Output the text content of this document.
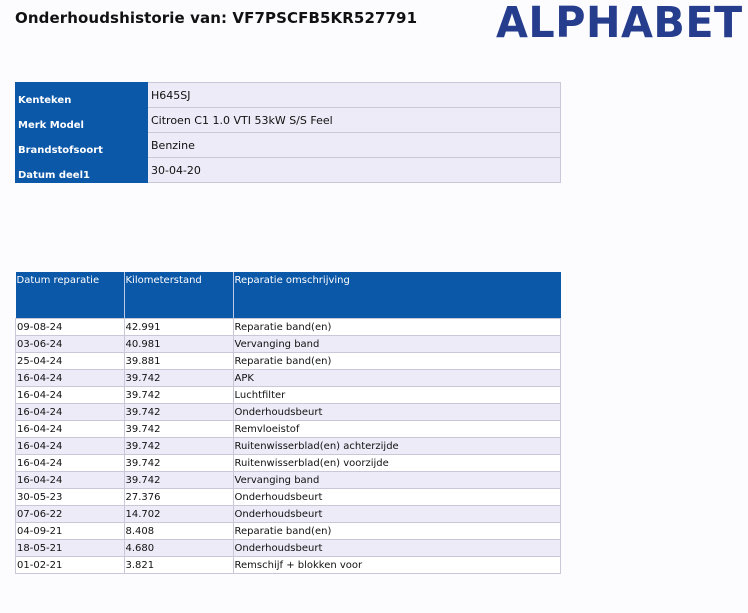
Onderhoudshistorie van: VF7PSCFB5KR527791 ALPHABET
Kenteken	H645SJ
Merk Model	Citroen C1 1.0 VTI 53kW S/S Feel
Brandstofsoort	Benzine
Datum deel1	30-04-20
Datum reparatie	Kilometerstand	Reparatie omschrijving
09-08-24	42.991	Reparatie band(en)
03-06-24	40.981	Vervanging band
25-04-24	39.881	Reparatie band(en)
16-04-24	39.742	APK
16-04-24	39.742	Luchtfilter
16-04-24	39.742	Onderhoudsbeurt
16-04-24	39.742	Remvloeistof
16-04-24	39.742	Ruitenwisserblad(en) achterzijde
16-04-24	39.742	Ruitenwisserblad(en) voorzijde
16-04-24	39.742	Vervanging band
30-05-23	27.376	Onderhoudsbeurt
07-06-22	14.702	Onderhoudsbeurt
04-09-21	8.408	Reparatie band(en)
18-05-21	4.680	Onderhoudsbeurt
01-02-21	3.821	Remschijf + blokken voor
